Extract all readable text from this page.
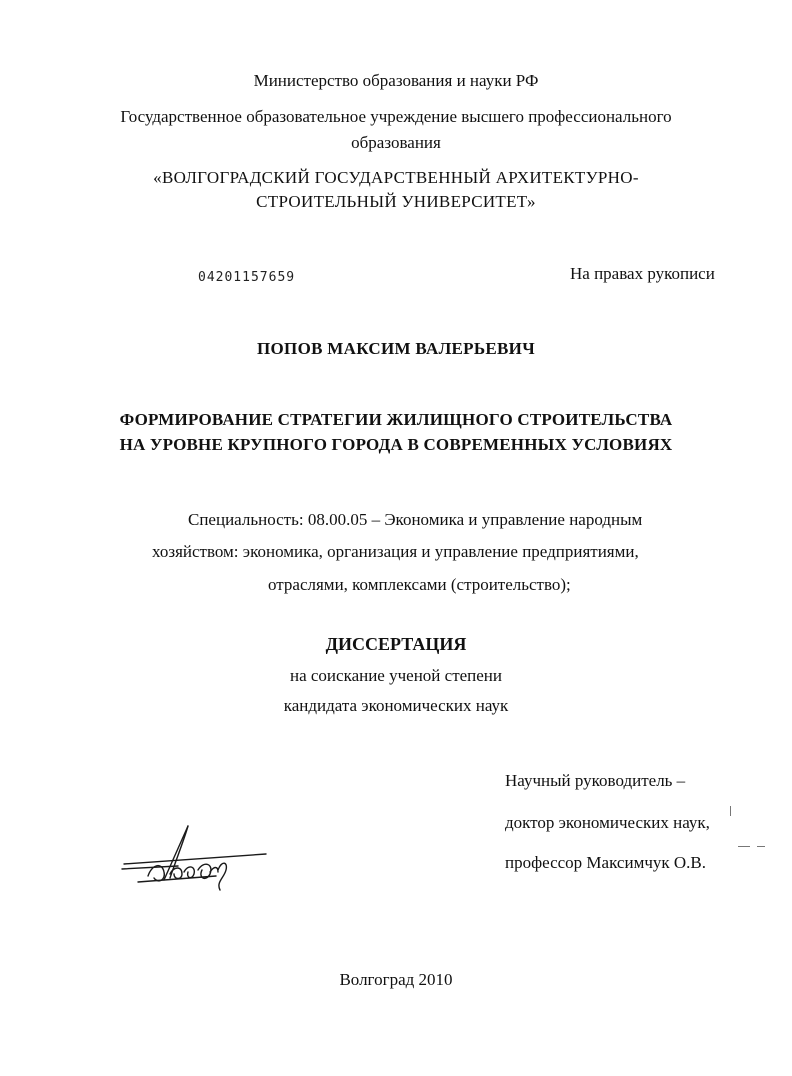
Министерство образования и науки РФ
Государственное образовательное учреждение высшего профессионального
образования
«ВОЛГОГРАДСКИЙ ГОСУДАРСТВЕННЫЙ АРХИТЕКТУРНО-
СТРОИТЕЛЬНЫЙ УНИВЕРСИТЕТ»
04201157659	На правах рукописи
ПОПОВ МАКСИМ ВАЛЕРЬЕВИЧ
ФОРМИРОВАНИЕ СТРАТЕГИИ ЖИЛИЩНОГО СТРОИТЕЛЬСТВА
НА УРОВНЕ КРУПНОГО ГОРОДА В СОВРЕМЕННЫХ УСЛОВИЯХ
Специальность: 08.00.05 – Экономика и управление народным
хозяйством: экономика, организация и управление предприятиями,
отраслями, комплексами (строительство);
ДИССЕРТАЦИЯ
на соискание ученой степени
кандидата экономических наук
Научный руководитель –
доктор экономических наук,
профессор Максимчук О.В.
Волгоград 2010
